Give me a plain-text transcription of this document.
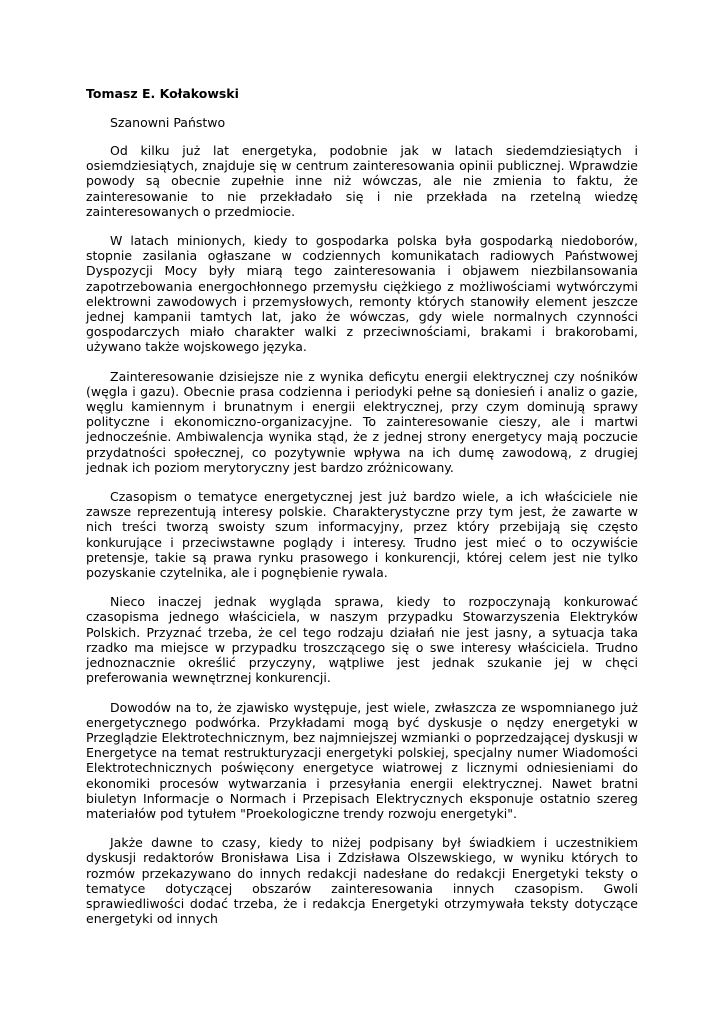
Tomasz E. Kołakowski
Szanowni Państwo

Od kilku już lat energetyka, podobnie jak w latach siedemdziesiątych i osiemdziesiątych, znajduje się w centrum zainteresowania opinii publicznej. Wprawdzie powody są obecnie zupełnie inne niż wówczas, ale nie zmienia to faktu, że zainteresowanie to nie przekładało się i nie przekłada na rzetelną wiedzę zainteresowanych o przedmiocie.

W latach minionych, kiedy to gospodarka polska była gospodarką niedoborów, stopnie zasilania ogłaszane w codziennych komunikatach radiowych Państwowej Dyspozycji Mocy były miarą tego zainteresowania i objawem niezbilansowania zapotrzebowania energochłonnego przemysłu ciężkiego z możliwościami wytwórczymi elektrowni zawodowych i przemysłowych, remonty których stanowiły element jeszcze jednej kampanii tamtych lat, jako że wówczas, gdy wiele normalnych czynności gospodarczych miało charakter walki z przeciwnościami, brakami i brakorobami, używano także wojskowego języka.

Zainteresowanie dzisiejsze nie z wynika deficytu energii elektrycznej czy nośników (węgla i gazu). Obecnie prasa codzienna i periodyki pełne są doniesień i analiz o gazie, węglu kamiennym i brunatnym i energii elektrycznej, przy czym dominują sprawy polityczne i ekonomiczno-organizacyjne. To zainteresowanie cieszy, ale i martwi jednocześnie. Ambiwalencja wynika stąd, że z jednej strony energetycy mają poczucie przydatności społecznej, co pozytywnie wpływa na ich dumę zawodową, z drugiej jednak ich poziom merytoryczny jest bardzo zróżnicowany.

Czasopism o tematyce energetycznej jest już bardzo wiele, a ich właściciele nie zawsze reprezentują interesy polskie. Charakterystyczne przy tym jest, że zawarte w nich treści tworzą swoisty szum informacyjny, przez który przebijają się często konkurujące i przeciwstawne poglądy i interesy. Trudno jest mieć o to oczywiście pretensje, takie są prawa rynku prasowego i konkurencji, której celem jest nie tylko pozyskanie czytelnika, ale i pognębienie rywala.

Nieco inaczej jednak wygląda sprawa, kiedy to rozpoczynają konkurować czasopisma jednego właściciela, w naszym przypadku Stowarzyszenia Elektryków Polskich. Przyznać trzeba, że cel tego rodzaju działań nie jest jasny, a sytuacja taka rzadko ma miejsce w przypadku troszczącego się o swe interesy właściciela. Trudno jednoznacznie określić przyczyny, wątpliwe jest jednak szukanie jej w chęci preferowania wewnętrznej konkurencji.

Dowodów na to, że zjawisko występuje, jest wiele, zwłaszcza ze wspomnianego już energetycznego podwórka. Przykładami mogą być dyskusje o nędzy energetyki w Przeglądzie Elektrotechnicznym, bez najmniejszej wzmianki o poprzedzającej dyskusji w Energetyce na temat restrukturyzacji energetyki polskiej, specjalny numer Wiadomości Elektrotechnicznych poświęcony energetyce wiatrowej z licznymi odniesieniami do ekonomiki procesów wytwarzania i przesyłania energii elektrycznej. Nawet bratni biuletyn Informacje o Normach i Przepisach Elektrycznych eksponuje ostatnio szereg materiałów pod tytułem "Proekologiczne trendy rozwoju energetyki".

Jakże dawne to czasy, kiedy to niżej podpisany był świadkiem i uczestnikiem dyskusji redaktorów Bronisława Lisa i Zdzisława Olszewskiego, w wyniku których to rozmów przekazywano do innych redakcji nadesłane do redakcji Energetyki teksty o tematyce dotyczącej obszarów zainteresowania innych czasopism. Gwoli sprawiedliwości dodać trzeba, że i redakcja Energetyki otrzymywała teksty dotyczące energetyki od innych
